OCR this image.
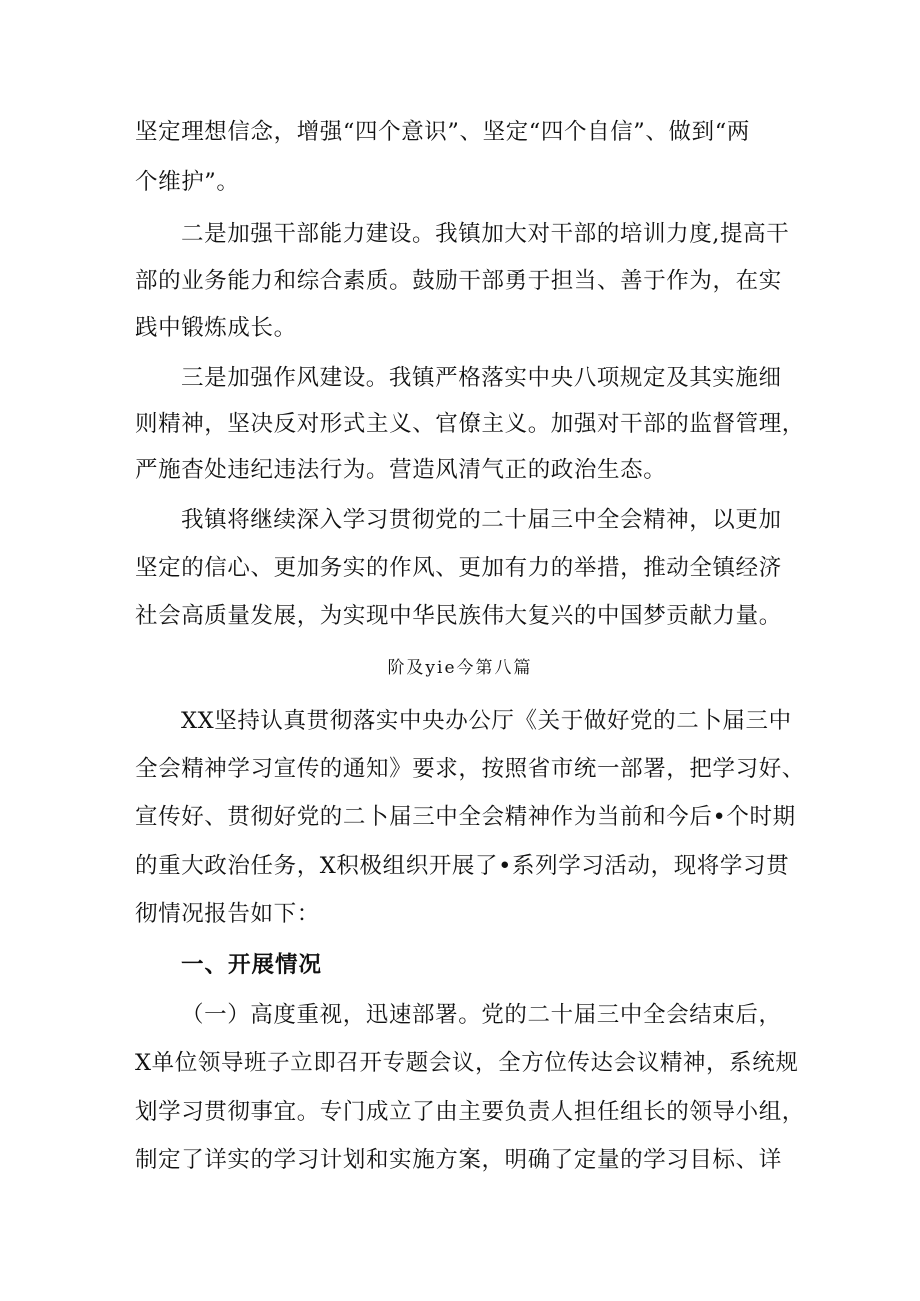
坚定理想信念，增强“四个意识”、坚定“四个自信”、做到“两
个维护”。
二是加强干部能力建设。我镇加大对干部的培训力度,提高干
部的业务能力和综合素质。鼓励干部勇于担当、善于作为，在实
践中锻炼成长。
三是加强作风建设。我镇严格落实中央八项规定及其实施细
则精神，坚决反对形式主义、官僚主义。加强对干部的监督管理，
严施杳处违纪违法行为。营造风清气正的政治生态。
我镇将继续深入学习贯彻党的二十届三中全会精神，以更加
坚定的信心、更加务实的作风、更加有力的举措，推动全镇经济
社会高质量发展，为实现中华民族伟大复兴的中国梦贡献力量。
阶及yie今第八篇
XX坚持认真贯彻落实中央办公厅《关于做好党的二卜届三中
全会精神学习宣传的通知》要求，按照省市统一部署，把学习好、
宣传好、贯彻好党的二卜届三中全会精神作为当前和今后•个时期
的重大政治任务，X积极组织开展了•系列学习活动，现将学习贯
彻情况报告如下：
一、开展情况
（一）高度重视，迅速部署。党的二十届三中全会结束后，
X单位领导班子立即召开专题会议，全方位传达会议精神，系统规
划学习贯彻事宜。专门成立了由主要负责人担任组长的领导小组，
制定了详实的学习计划和实施方案，明确了定量的学习目标、详
